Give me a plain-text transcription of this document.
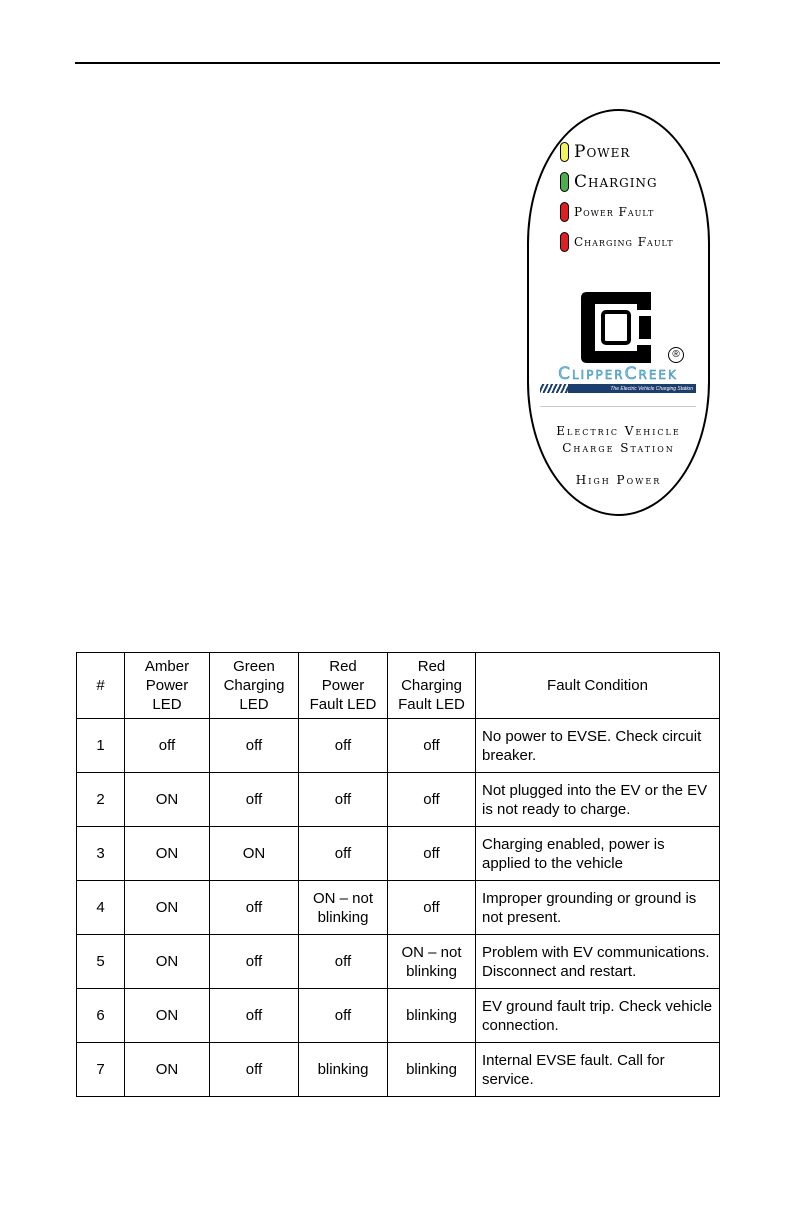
Power
Charging
Power Fault
Charging Fault
®
ClipperCreek
The Electric Vehicle Charging Station
Electric Vehicle
Charge Station
High Power
#	Amber
Power
LED	Green
Charging
LED	Red
Power
Fault LED	Red
Charging
Fault LED	Fault Condition
1	off	off	off	off	No power to EVSE. Check circuit breaker.
2	ON	off	off	off	Not plugged into the EV or the EV is not ready to charge.
3	ON	ON	off	off	Charging enabled, power is applied to the vehicle
4	ON	off	ON – not blinking	off	Improper grounding or ground is not present.
5	ON	off	off	ON – not blinking	Problem with EV communications. Disconnect and restart.
6	ON	off	off	blinking	EV ground fault trip. Check vehicle connection.
7	ON	off	blinking	blinking	Internal EVSE fault. Call for service.
